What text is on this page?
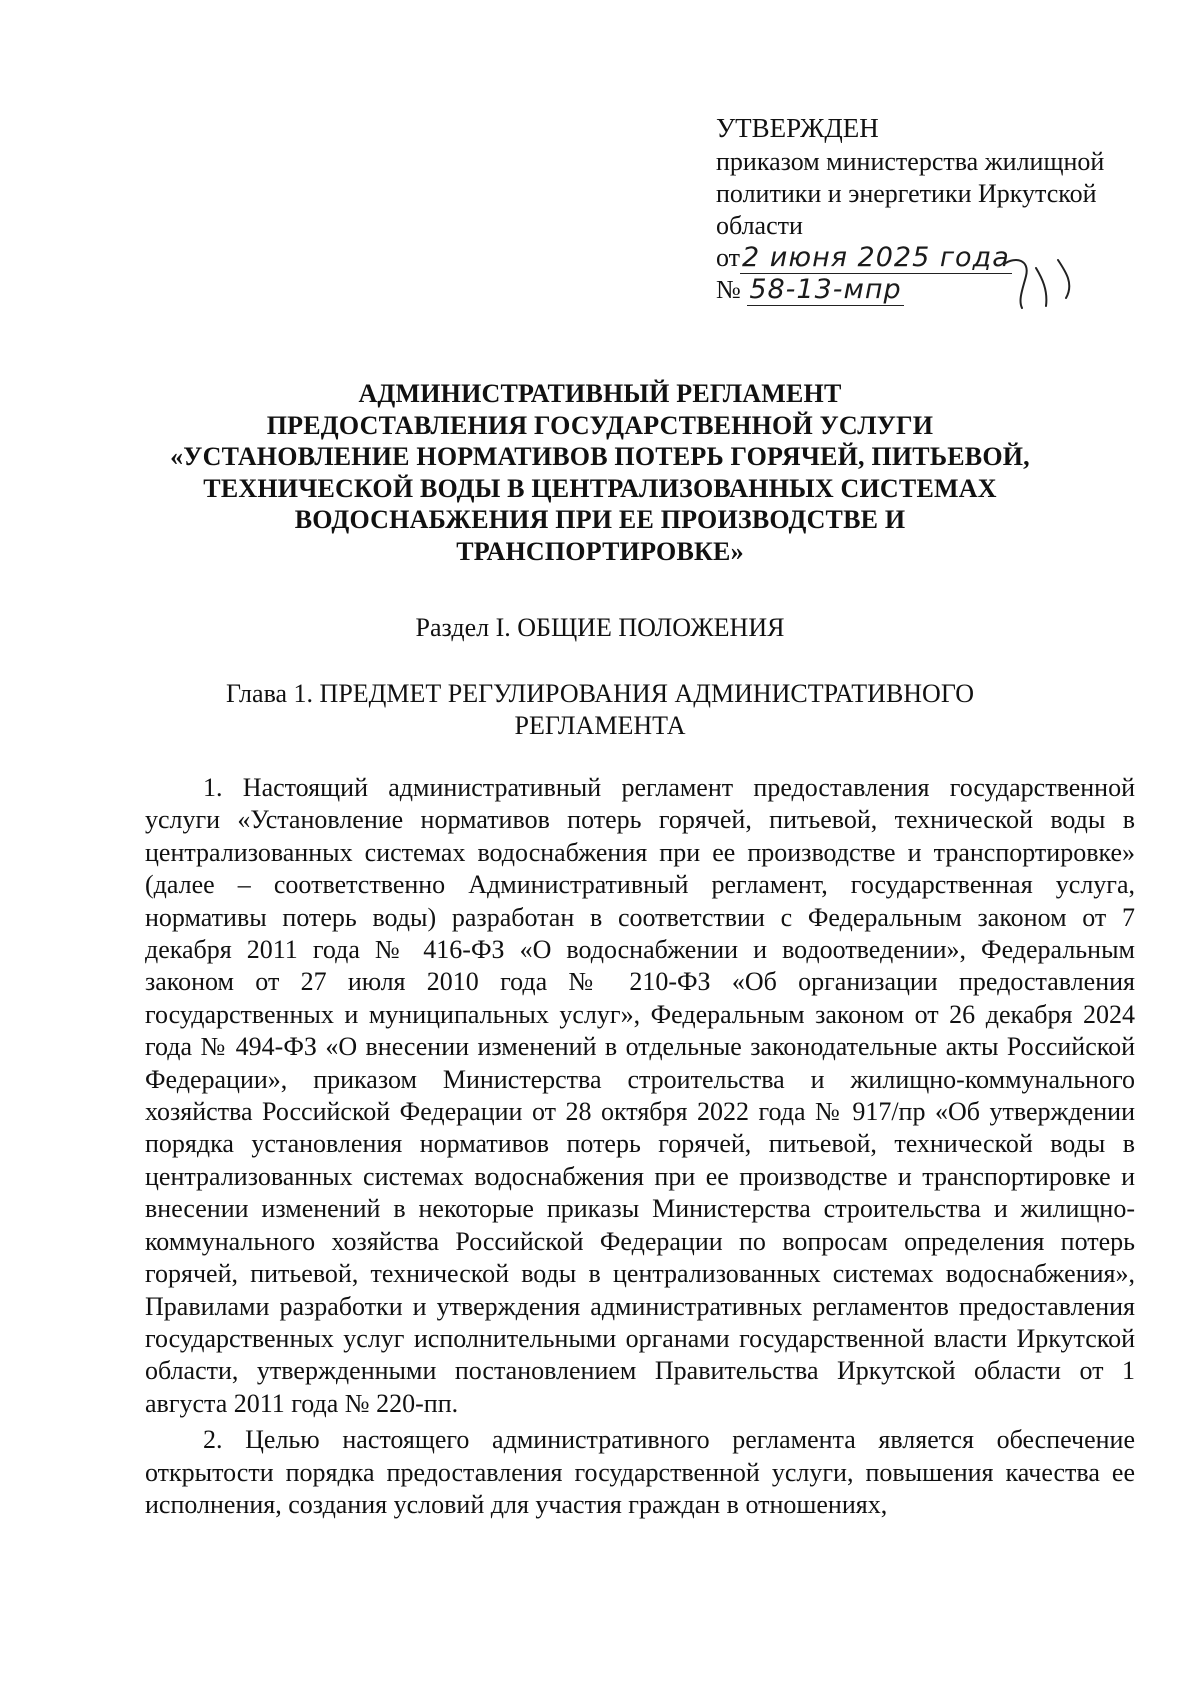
УТВЕРЖДЕН
приказом министерства жилищной
политики и энергетики Иркутской
области
от2 июня 2025 года
№ 58-13-мпр
АДМИНИСТРАТИВНЫЙ РЕГЛАМЕНТ
ПРЕДОСТАВЛЕНИЯ ГОСУДАРСТВЕННОЙ УСЛУГИ
«УСТАНОВЛЕНИЕ НОРМАТИВОВ ПОТЕРЬ ГОРЯЧЕЙ, ПИТЬЕВОЙ,
ТЕХНИЧЕСКОЙ ВОДЫ В ЦЕНТРАЛИЗОВАННЫХ СИСТЕМАХ
ВОДОСНАБЖЕНИЯ ПРИ ЕЕ ПРОИЗВОДСТВЕ И
ТРАНСПОРТИРОВКЕ»
Раздел I. ОБЩИЕ ПОЛОЖЕНИЯ
Глава 1. ПРЕДМЕТ РЕГУЛИРОВАНИЯ АДМИНИСТРАТИВНОГО
РЕГЛАМЕНТА

1. Настоящий административный регламент предоставления государственной услуги «Установление нормативов потерь горячей, питьевой, технической воды в централизованных системах водоснабжения при ее производстве и транспортировке» (далее – соответственно Административный регламент, государственная услуга, нормативы потерь воды) разработан в соответствии с Федеральным законом от 7 декабря 2011 года № 416-ФЗ «О водоснабжении и водоотведении», Федеральным законом от 27 июля 2010 года № 210-ФЗ «Об организации предоставления государственных и муниципальных услуг», Федеральным законом от 26 декабря 2024 года № 494-ФЗ «О внесении изменений в отдельные законодательные акты Российской Федерации», приказом Министерства строительства и жилищно-коммунального хозяйства Российской Федерации от 28 октября 2022 года № 917/пр «Об утверждении порядка установления нормативов потерь горячей, питьевой, технической воды в централизованных системах водоснабжения при ее производстве и транспортировке и внесении изменений в некоторые приказы Министерства строительства и жилищно- коммунального хозяйства Российской Федерации по вопросам определения потерь горячей, питьевой, технической воды в централизованных системах водоснабжения», Правилами разработки и утверждения административных регламентов предоставления государственных услуг исполнительными органами государственной власти Иркутской области, утвержденными постановлением Правительства Иркутской области от 1 августа 2011 года № 220-пп.

2. Целью настоящего административного регламента является обеспечение открытости порядка предоставления государственной услуги, повышения качества ее исполнения, создания условий для участия граждан в отношениях,
